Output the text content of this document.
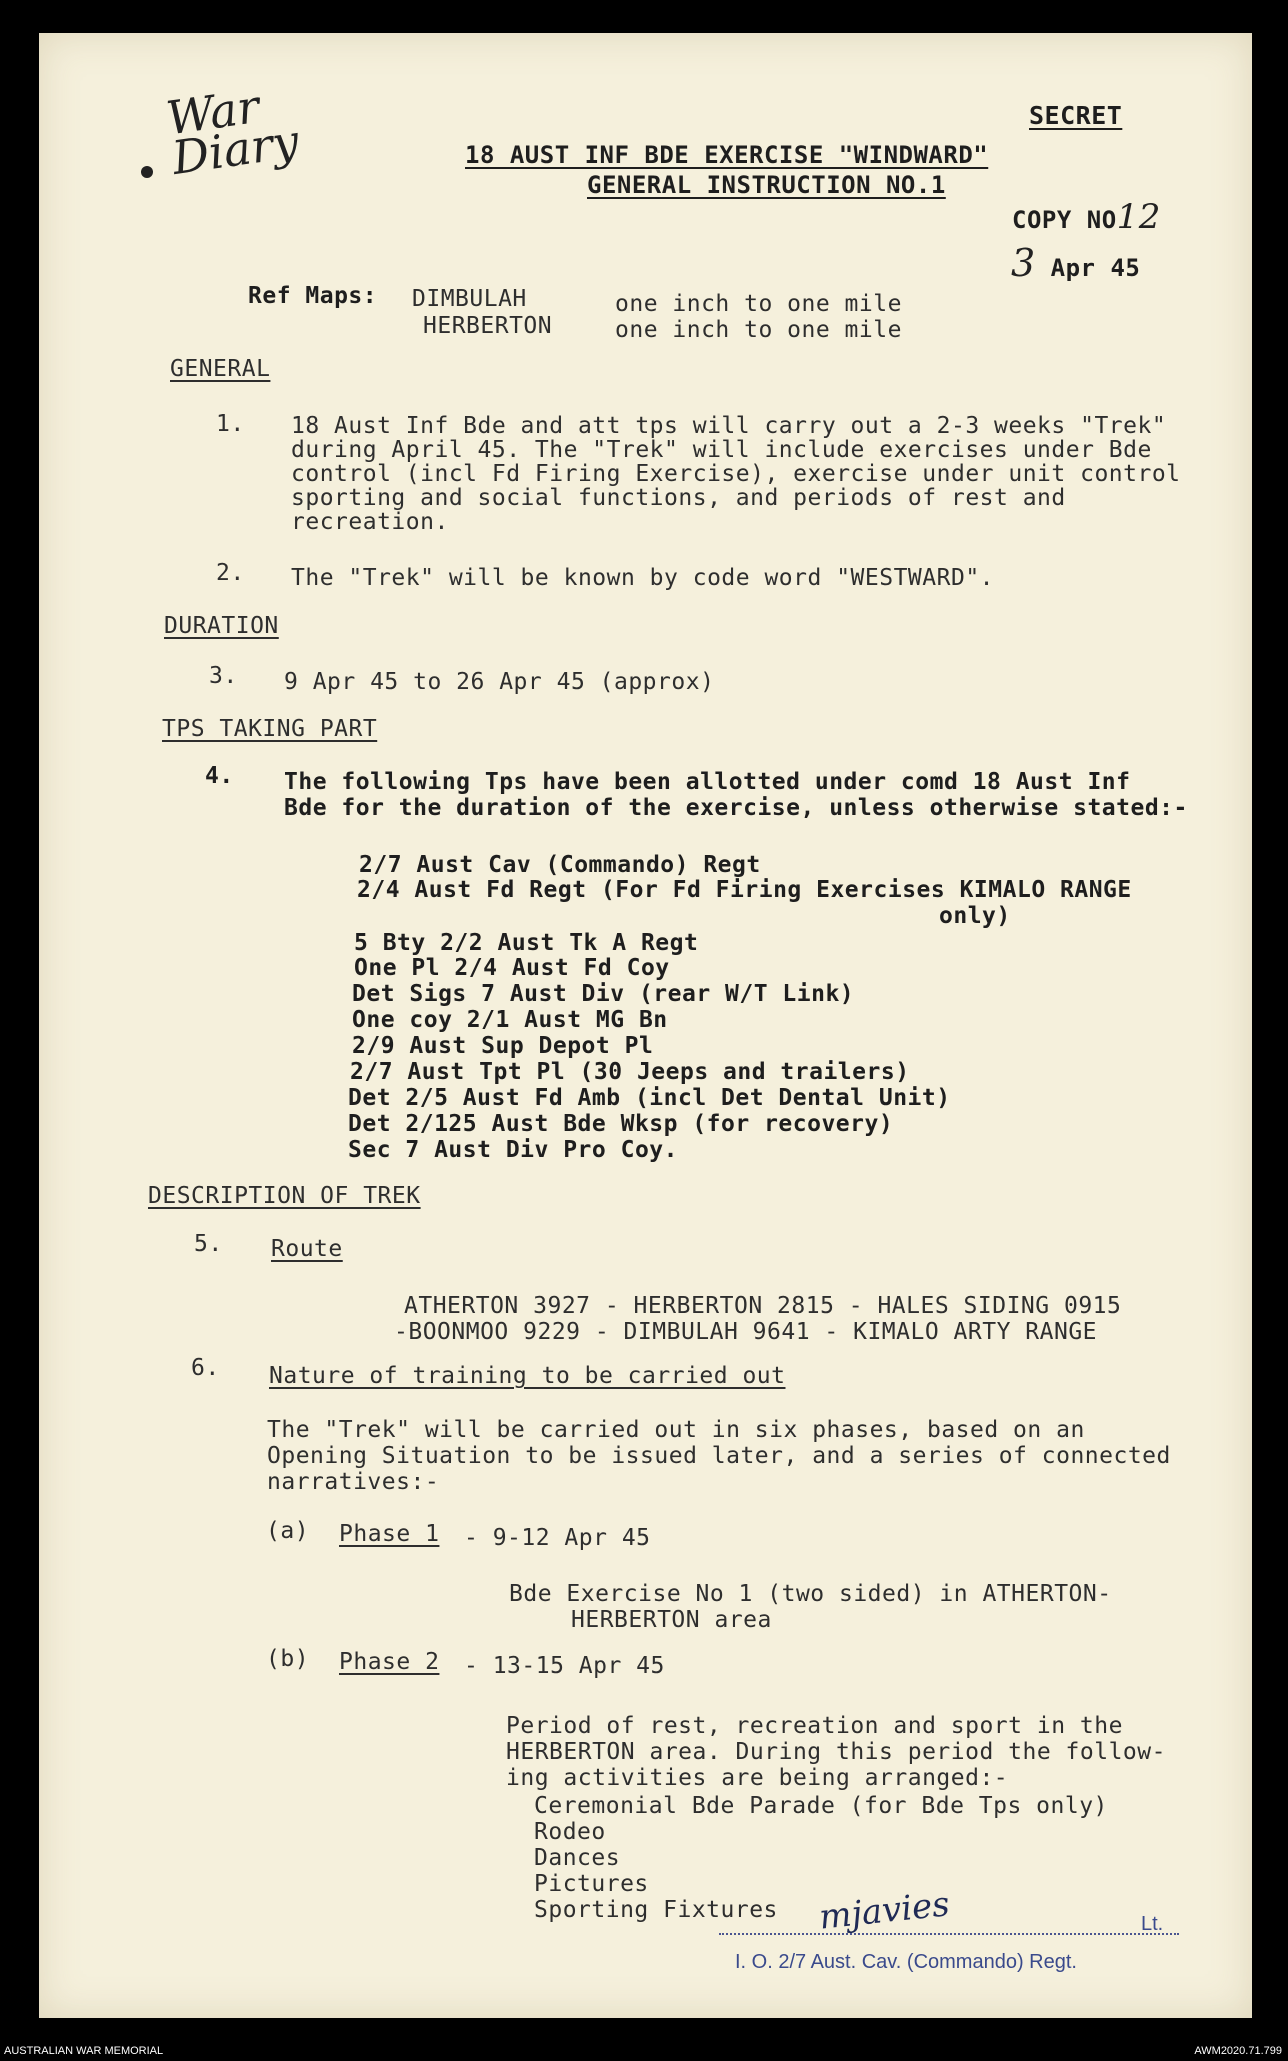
War Diary	SECRET
18 AUST INF BDE EXERCISE "WINDWARD"
GENERAL INSTRUCTION NO.1
COPY NO12
3 Apr 45
Ref Maps: DIMBULAH	one inch to one mile
HERBERTON	one inch to one mile
GENERAL
1. 18 Aust Inf Bde and att tps will carry out a 2-3 weeks "Trek"
during April 45. The "Trek" will include exercises under Bde
control (incl Fd Firing Exercise), exercise under unit control
sporting and social functions, and periods of rest and
recreation.
2. The "Trek" will be known by code word "WESTWARD".
DURATION
3. 9 Apr 45 to 26 Apr 45 (approx)
TPS TAKING PART
4. The following Tps have been allotted under comd 18 Aust Inf
Bde for the duration of the exercise, unless otherwise stated:-
2/7 Aust Cav (Commando) Regt
2/4 Aust Fd Regt (For Fd Firing Exercises KIMALO RANGE
only)
5 Bty 2/2 Aust Tk A Regt
One Pl 2/4 Aust Fd Coy
Det Sigs 7 Aust Div (rear W/T Link)
One coy 2/1 Aust MG Bn
2/9 Aust Sup Depot Pl
2/7 Aust Tpt Pl (30 Jeeps and trailers)
Det 2/5 Aust Fd Amb (incl Det Dental Unit)
Det 2/125 Aust Bde Wksp (for recovery)
Sec 7 Aust Div Pro Coy.
DESCRIPTION OF TREK
5. Route
ATHERTON 3927 - HERBERTON 2815 - HALES SIDING 0915
-BOONMOO 9229 - DIMBULAH 9641 - KIMALO ARTY RANGE
6. Nature of training to be carried out
The "Trek" will be carried out in six phases, based on an
Opening Situation to be issued later, and a series of connected
narratives:-
(a) Phase 1 - 9-12 Apr 45
Bde Exercise No 1 (two sided) in ATHERTON-
HERBERTON area
(b) Phase 2 - 13-15 Apr 45
Period of rest, recreation and sport in the
HERBERTON area. During this period the follow-
ing activities are being arranged:-
Ceremonial Bde Parade (for Bde Tps only)
Rodeo
Dances
Pictures
Sporting Fixtures mjavies	Lt.
I. O. 2/7 Aust. Cav. (Commando) Regt.
AUSTRALIAN WAR MEMORIAL	AWM2020.71.799
